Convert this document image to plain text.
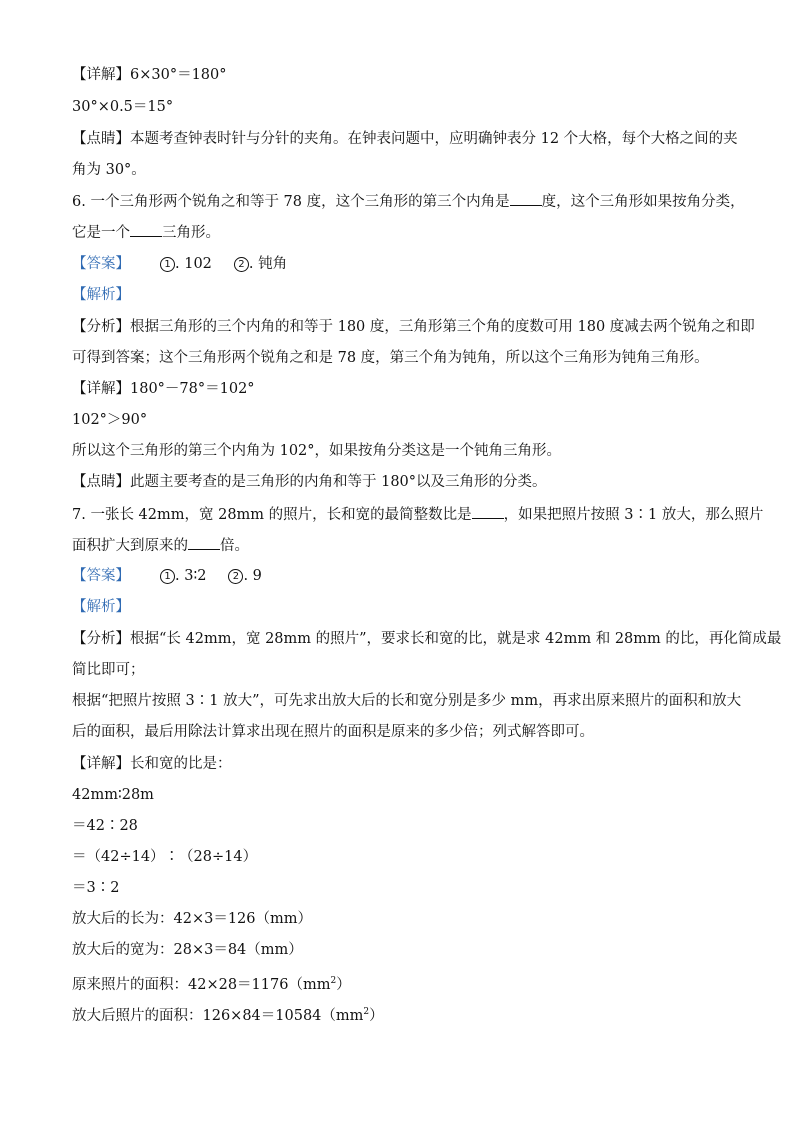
【详解】6×30°＝180°
30°×0.5＝15°
【点睛】本题考查钟表时针与分针的夹角。在钟表问题中，应明确钟表分 12 个大格，每个大格之间的夹
角为 30°。
6. 一个三角形两个锐角之和等于 78 度，这个三角形的第三个内角是 度，这个三角形如果按角分类，
它是一个 三角形。
【答案】	1 . 102	2 . 钝角
【解析】
【分析】根据三角形的三个内角的和等于 180 度，三角形第三个角的度数可用 180 度减去两个锐角之和即
可得到答案；这个三角形两个锐角之和是 78 度，第三个角为钝角，所以这个三角形为钝角三角形。
【详解】180°－78°＝102°
102°＞90°
所以这个三角形的第三个内角为 102°，如果按角分类这是一个钝角三角形。
【点睛】此题主要考查的是三角形的内角和等于 180°以及三角形的分类。
7. 一张长 42mm，宽 28mm 的照片，长和宽的最简整数比是 ，如果把照片按照 3∶1 放大，那么照片
面积扩大到原来的 倍。
【答案】	1 . 3∶2	2 . 9
【解析】
【分析】根据“长 42mm，宽 28mm 的照片”，要求长和宽的比，就是求 42mm 和 28mm 的比，再化简成最
简比即可；
根据“把照片按照 3∶1 放大”，可先求出放大后的长和宽分别是多少 mm，再求出原来照片的面积和放大
后的面积，最后用除法计算求出现在照片的面积是原来的多少倍；列式解答即可。
【详解】长和宽的比是：
42mm∶28m
＝42∶28
＝（42÷14）∶（28÷14）
＝3∶2
放大后的长为：42×3＝126（mm）
放大后的宽为：28×3＝84（mm）
原来照片的面积：$42\times 28=1176(mm^2)$
放大后照片的面积：$126\times 84=10584(mm^2)$
